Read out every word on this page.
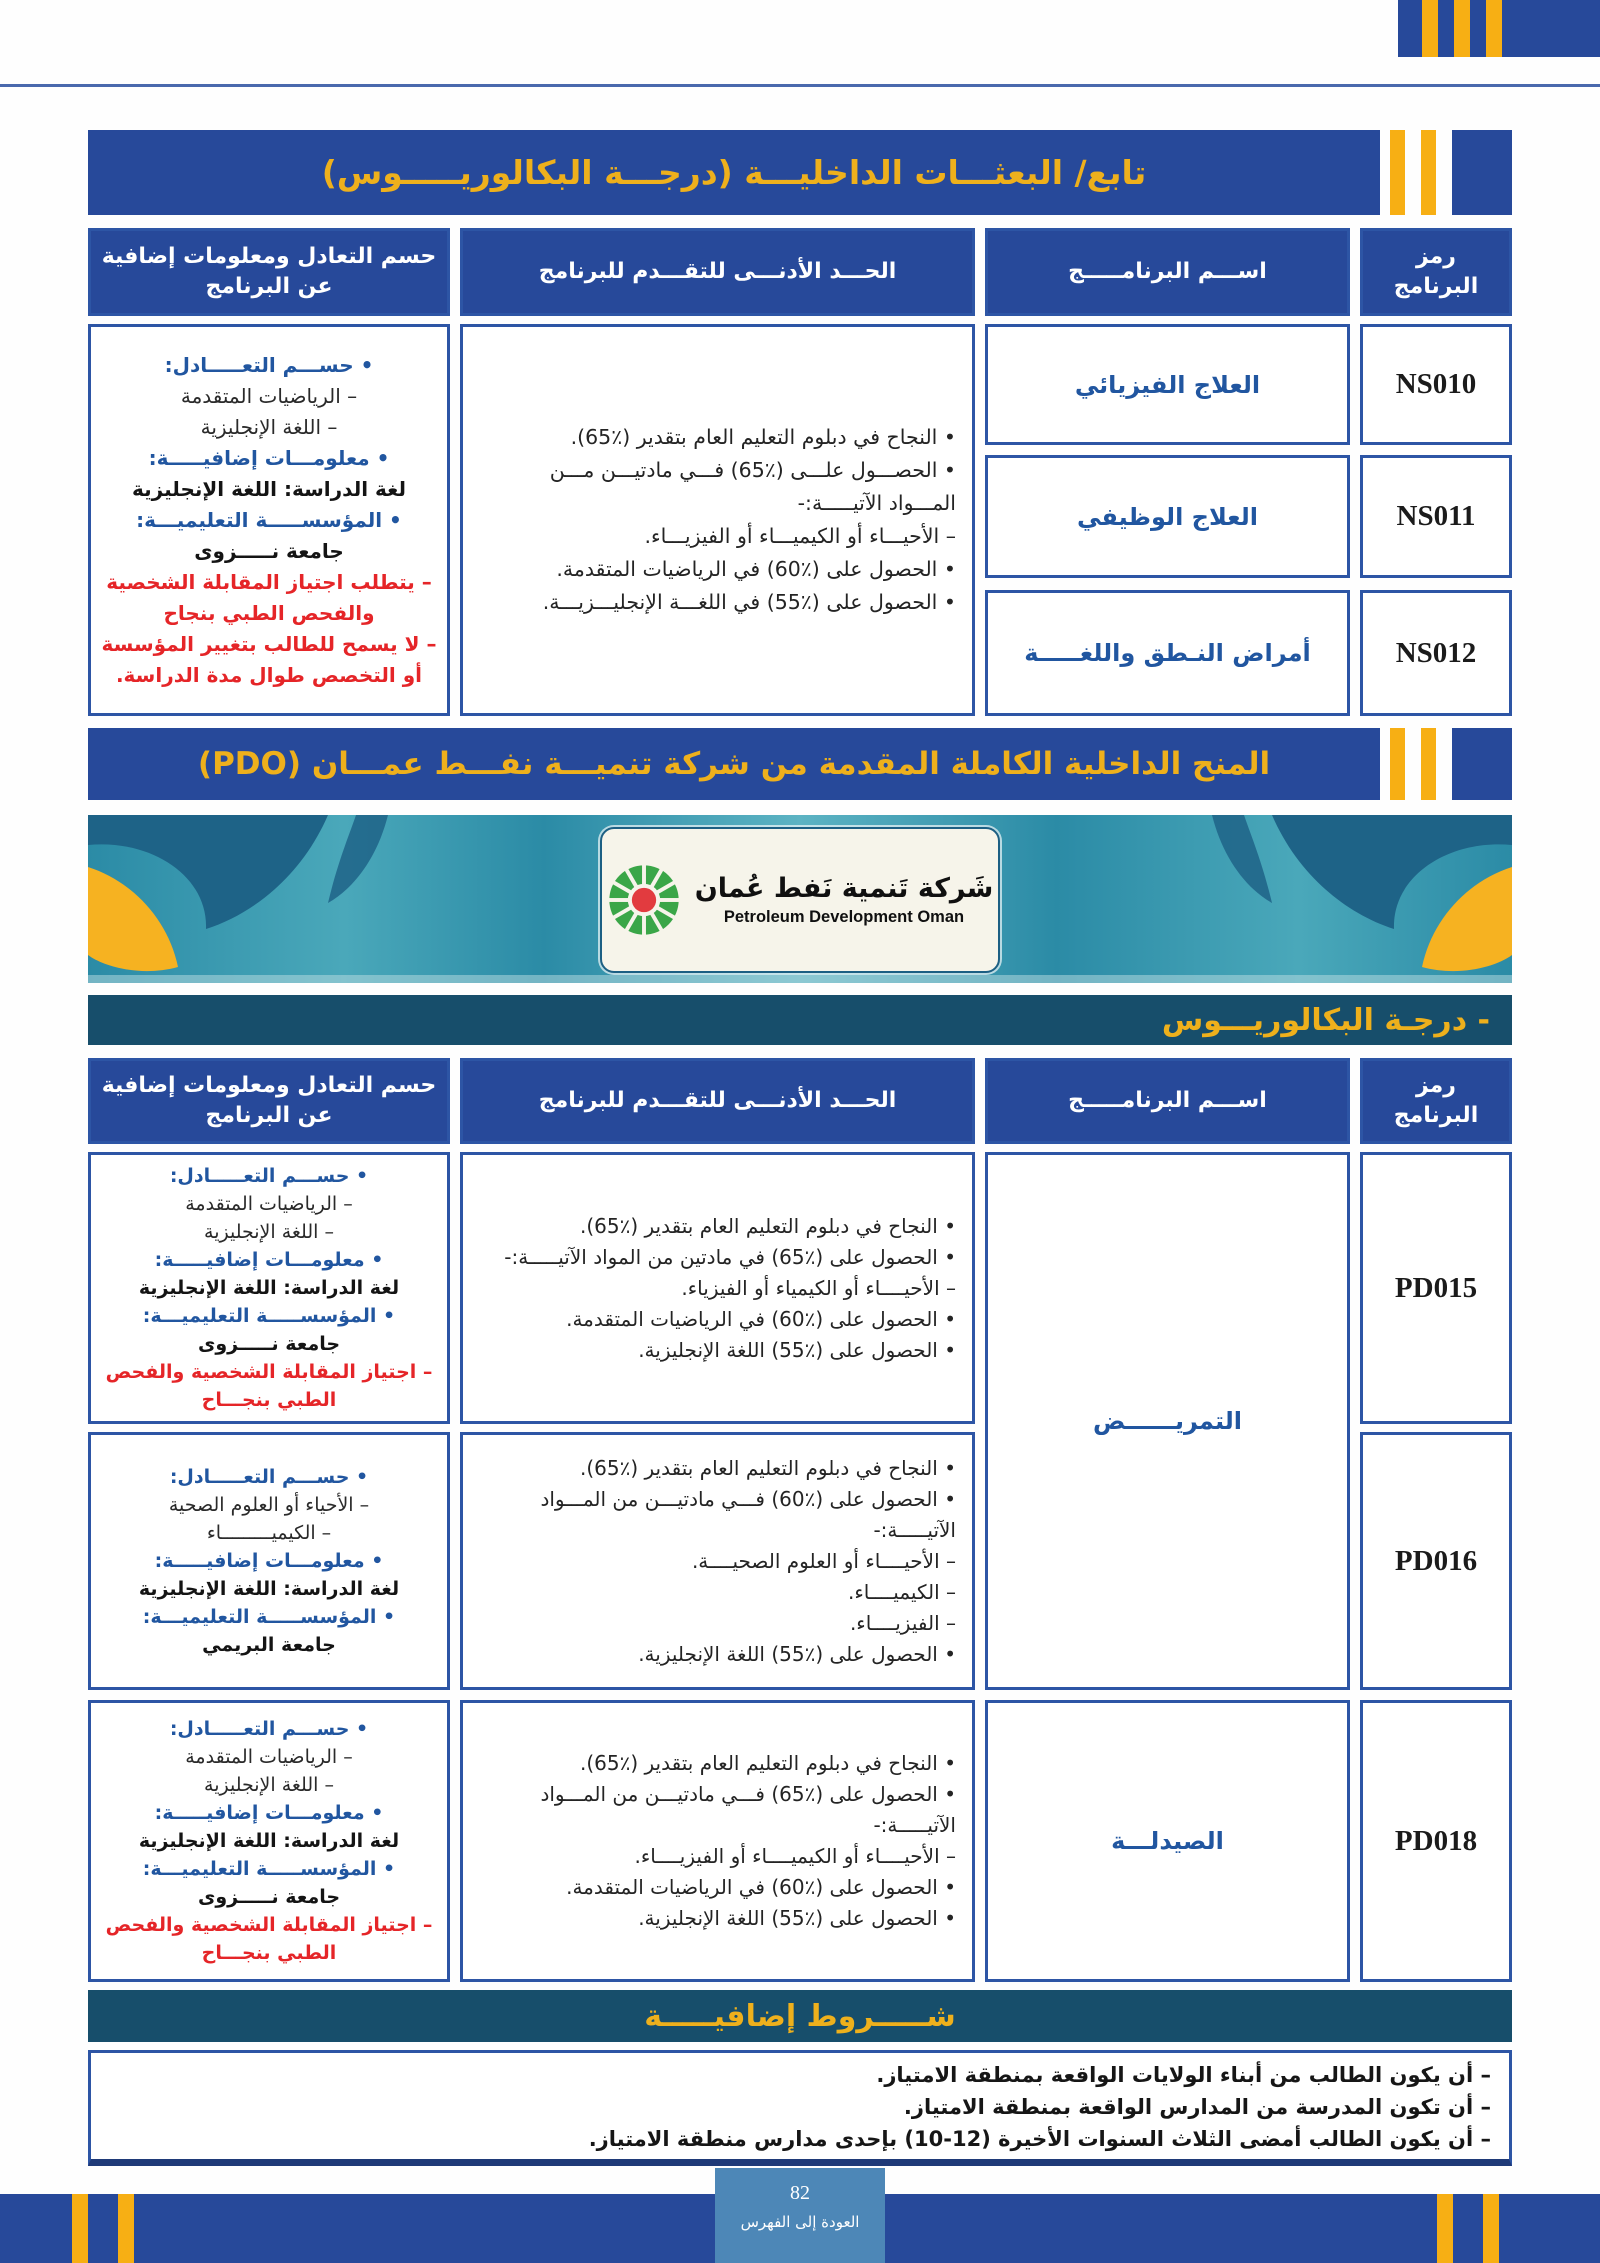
تابع/ البعثـــات الداخليـــة (درجـــة البكالوريـــــوس)
رمز البرنامج
اســـم البرنامـــــج
الحـــد الأدنـــى للتقـــدم للبرنامج
حسم التعادل ومعلومات إضافية عن البرنامج
• حســـم التعـــــادل:
– الرياضيات المتقدمة
– اللغة الإنجليزية
• معلومـــات إضافيـــــة:
لغة الدراسة: اللغة الإنجليزية
• المؤسســـــة التعليميـــة:
جامعة نـــــزوى
– يتطلب اجتياز المقابلة الشخصية والفحص الطبي بنجاح
– لا يسمح للطالب بتغيير المؤسسة أو التخصص طوال مدة الدراسة.
• النجاح في دبلوم التعليم العام بتقدير (٪65).
• الحصـــول علـــى (٪65) فـــي مادتيـــن مـــن المـــواد الآتيـــــة:-
– الأحيـــاء أو الكيميـــاء أو الفيزيـــاء.
• الحصول على (٪60) في الرياضيات المتقدمة.
• الحصول على (٪55) في اللغـــة الإنجليـــزيـــة.
العلاج الفيزيائي
العلاج الوظيفي
أمراض النـطق واللغـــــة
NS010
NS011
NS012
المنح الداخلية الكاملة المقدمة من شركة تنميـــة نفـــط عمـــان (PDO)
شَركة تَنمية نَفط عُمان
Petroleum Development Oman
- درجـة البكالوريـــوس
رمز البرنامج
اســـم البرنامـــــج
الحـــد الأدنـــى للتقـــدم للبرنامج
حسم التعادل ومعلومات إضافية عن البرنامج
• حســـم التعـــــادل:
– الرياضيات المتقدمة
– اللغة الإنجليزية
• معلومـــات إضافيـــــة:
لغة الدراسة: اللغة الإنجليزية
• المؤسســـــة التعليميـــة:
جامعة نـــــزوى
– اجتياز المقابلة الشخصية والفحص الطبي بنجـــاح
• النجاح في دبلوم التعليم العام بتقدير (٪65).
• الحصول على (٪65) في مادتين من المواد الآتيـــــة:-
– الأحيــــاء أو الكيمياء أو الفيزياء.
• الحصول على (٪60) في الرياضيات المتقدمة.
• الحصول على (٪55) اللغة الإنجليزية.
التمريــــــض
PD015
• حســـم التعـــــادل:
– الأحياء أو العلوم الصحية
– الكيميـــــــــاء
• معلومـــات إضافيـــــة:
لغة الدراسة: اللغة الإنجليزية
• المؤسســـــة التعليميـــة:
جامعة البريمي
• النجاح في دبلوم التعليم العام بتقدير (٪65).
• الحصول على (٪60) فـــي مادتيـــن من المـــواد الآتيـــــة:-
– الأحيــــاء أو العلوم الصحيــــة.
– الكيميــــاء.
– الفيزيــــاء.
• الحصول على (٪55) اللغة الإنجليزية.
PD016
• حســـم التعـــــادل:
– الرياضيات المتقدمة
– اللغة الإنجليزية
• معلومـــات إضافيـــــة:
لغة الدراسة: اللغة الإنجليزية
• المؤسســـــة التعليميـــة:
جامعة نـــــزوى
– اجتياز المقابلة الشخصية والفحص الطبي بنجـــاح
• النجاح في دبلوم التعليم العام بتقدير (٪65).
• الحصول على (٪65) فـــي مادتيـــن من المـــواد الآتيـــــة:-
– الأحيــــاء أو الكيميــــاء أو الفيزيــــاء.
• الحصول على (٪60) في الرياضيات المتقدمة.
• الحصول على (٪55) اللغة الإنجليزية.
الصيدلـــة	PD018
شـــــروط إضافيـــــة
– أن يكون الطالب من أبناء الولايات الواقعة بمنطقة الامتياز.
– أن تكون المدرسة من المدارس الواقعة بمنطقة الامتياز.
– أن يكون الطالب أمضى الثلاث السنوات الأخيرة (12-10) بإحدى مدارس منطقة الامتياز.
82
العودة إلى الفهرس
